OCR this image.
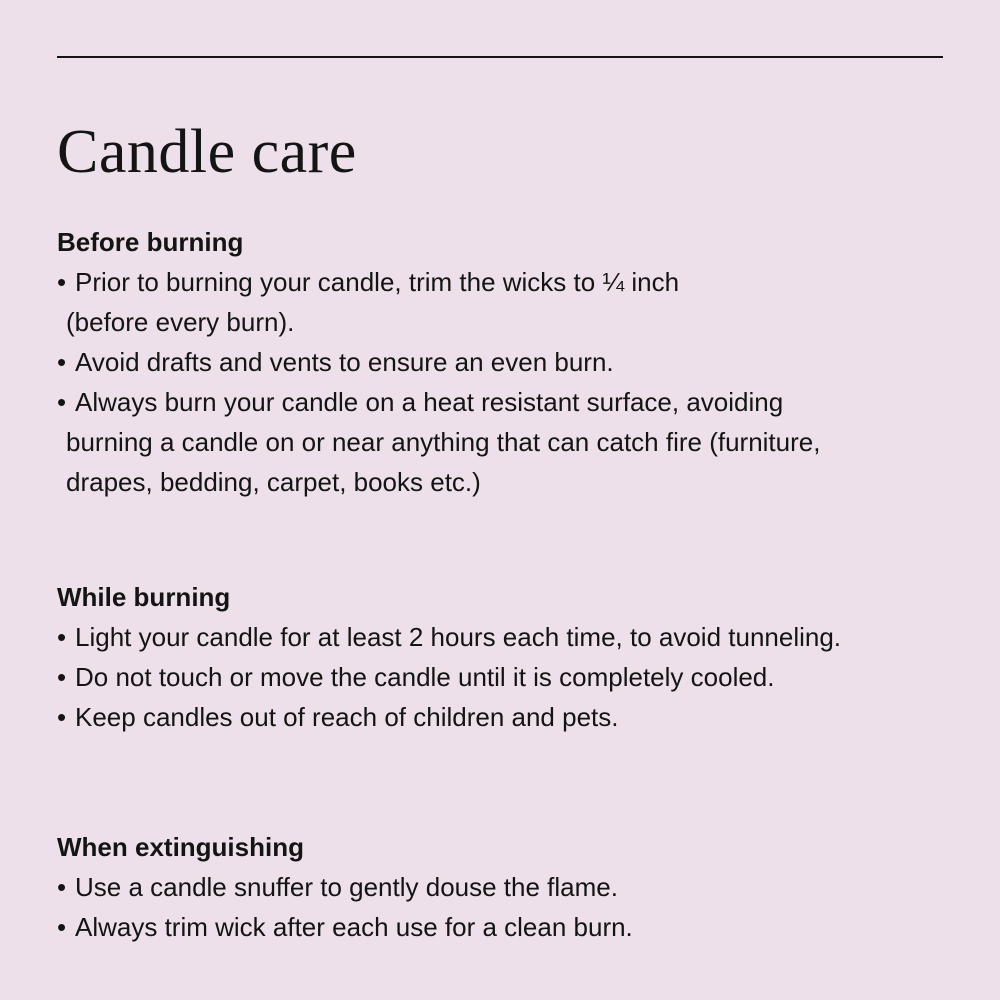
Candle care
Before burning
• Prior to burning your candle, trim the wicks to ¼ inch
(before every burn).
• Avoid drafts and vents to ensure an even burn.
• Always burn your candle on a heat resistant surface, avoiding
burning a candle on or near anything that can catch fire (furniture,
drapes, bedding, carpet, books etc.)
While burning
• Light your candle for at least 2 hours each time, to avoid tunneling.
• Do not touch or move the candle until it is completely cooled.
• Keep candles out of reach of children and pets.
When extinguishing
• Use a candle snuffer to gently douse the flame.
• Always trim wick after each use for a clean burn.
